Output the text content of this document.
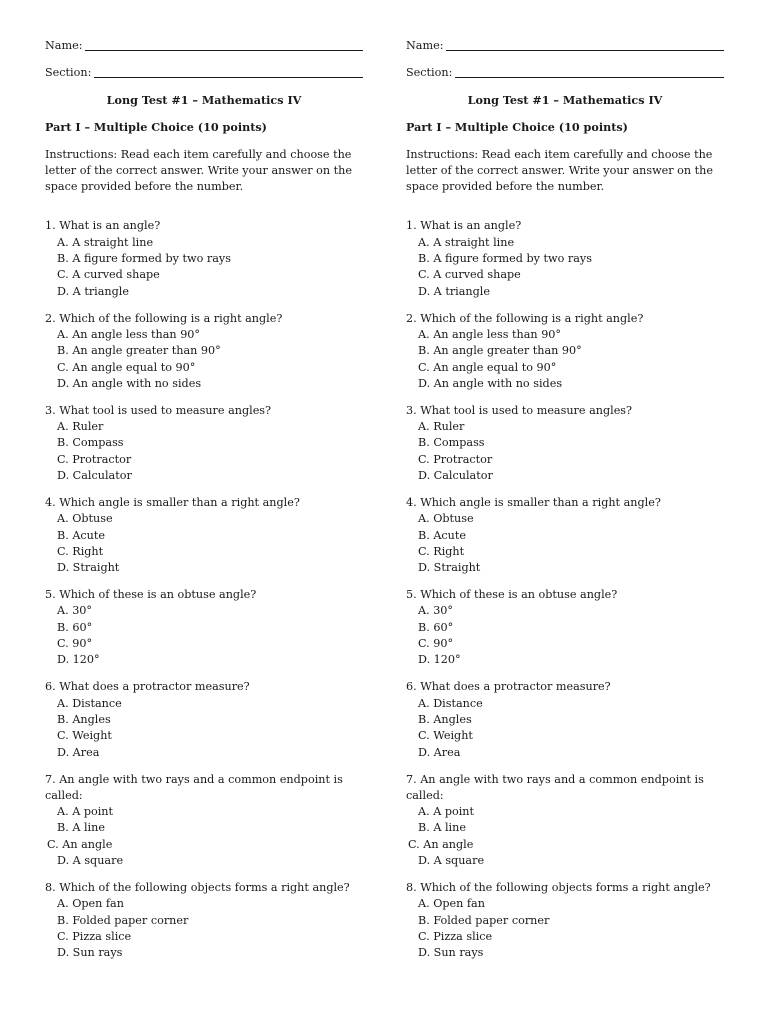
Name:
Section:
Long Test #1 – Mathematics IV
Part I – Multiple Choice (10 points)
Instructions: Read each item carefully and choose the letter of the correct answer. Write your answer on the space provided before the number.
1. What is an angle?
A. A straight line
B. A figure formed by two rays
C. A curved shape
D. A triangle
2. Which of the following is a right angle?
A. An angle less than 90°
B. An angle greater than 90°
C. An angle equal to 90°
D. An angle with no sides
3. What tool is used to measure angles?
A. Ruler
B. Compass
C. Protractor
D. Calculator
4. Which angle is smaller than a right angle?
A. Obtuse
B. Acute
C. Right
D. Straight
5. Which of these is an obtuse angle?
A. 30°
B. 60°
C. 90°
D. 120°
6. What does a protractor measure?
A. Distance
B. Angles
C. Weight
D. Area
7. An angle with two rays and a common endpoint is called:
A. A point
B. A line
C. An angle
D. A square
8. Which of the following objects forms a right angle?
A. Open fan
B. Folded paper corner
C. Pizza slice
D. Sun rays
Name:
Section:
Long Test #1 – Mathematics IV
Part I – Multiple Choice (10 points)
Instructions: Read each item carefully and choose the letter of the correct answer. Write your answer on the space provided before the number.
1. What is an angle?
A. A straight line
B. A figure formed by two rays
C. A curved shape
D. A triangle
2. Which of the following is a right angle?
A. An angle less than 90°
B. An angle greater than 90°
C. An angle equal to 90°
D. An angle with no sides
3. What tool is used to measure angles?
A. Ruler
B. Compass
C. Protractor
D. Calculator
4. Which angle is smaller than a right angle?
A. Obtuse
B. Acute
C. Right
D. Straight
5. Which of these is an obtuse angle?
A. 30°
B. 60°
C. 90°
D. 120°
6. What does a protractor measure?
A. Distance
B. Angles
C. Weight
D. Area
7. An angle with two rays and a common endpoint is called:
A. A point
B. A line
C. An angle
D. A square
8. Which of the following objects forms a right angle?
A. Open fan
B. Folded paper corner
C. Pizza slice
D. Sun rays
